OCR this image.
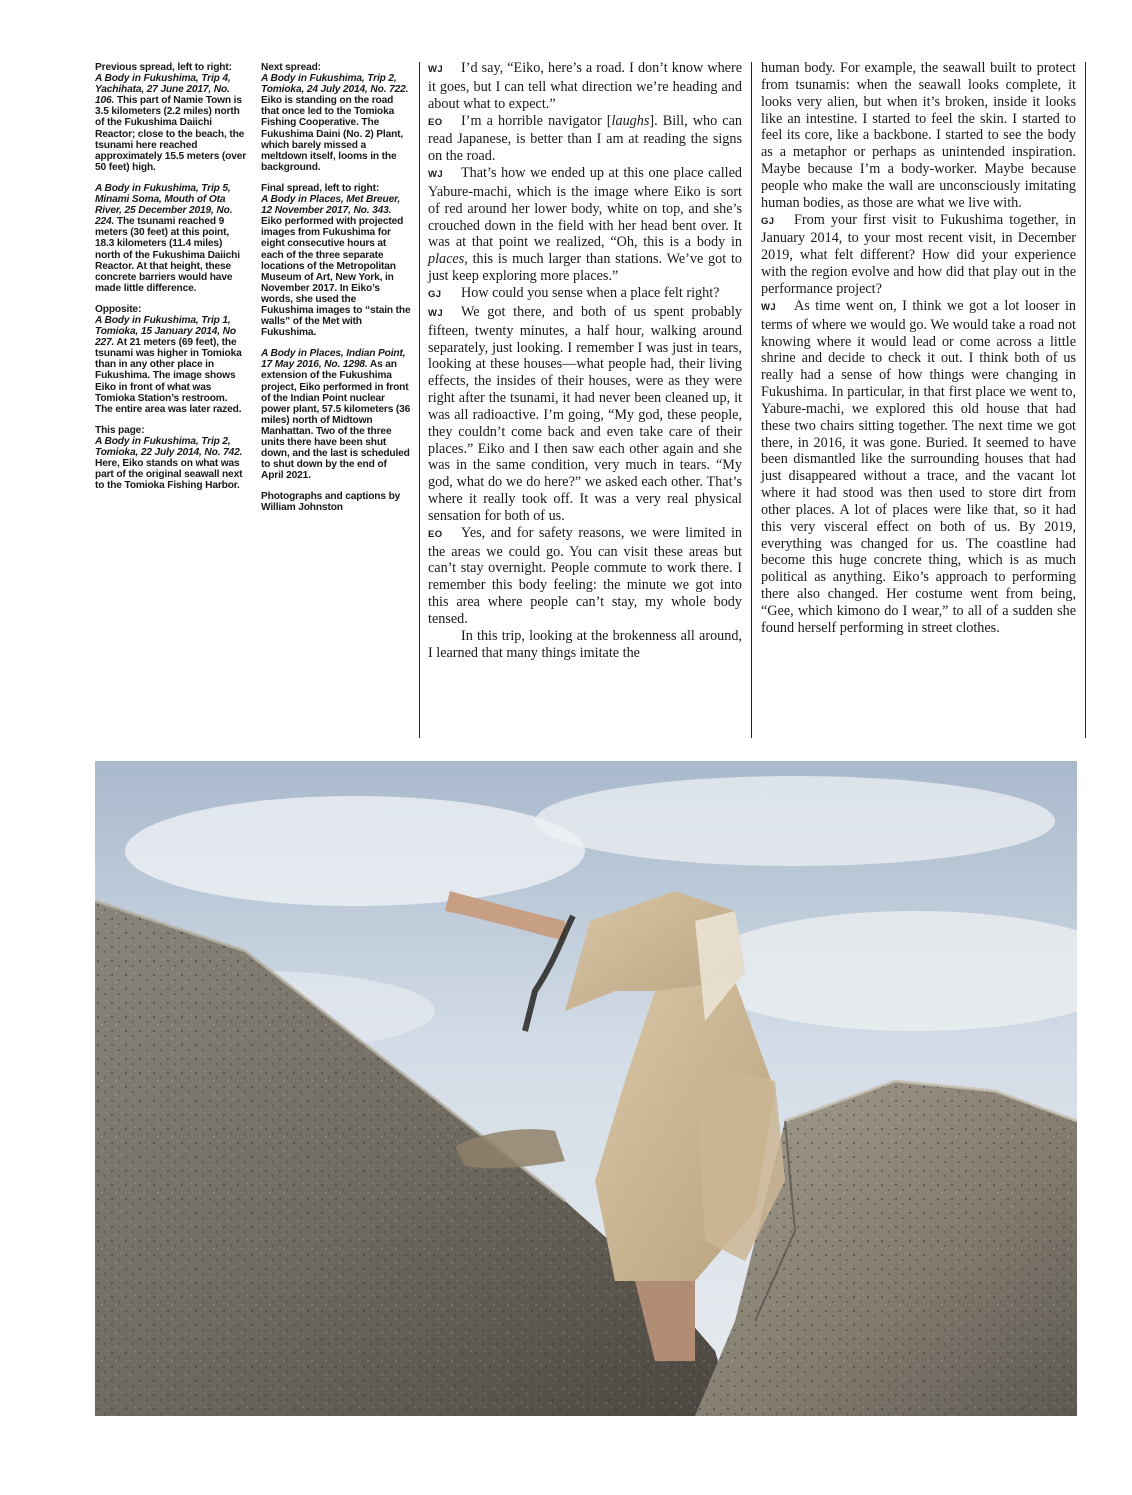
Previous spread, left to right:
A Body in Fukushima, Trip 4, Yachihata, 27 June 2017, No. 106. This part of Namie Town is 3.5 kilometers (2.2 miles) north of the Fukushima Daiichi Reactor; close to the beach, the tsunami here reached approximately 15.5 meters (over 50 feet) high.

A Body in Fukushima, Trip 5, Minami Soma, Mouth of Ota River, 25 December 2019, No. 224. The tsunami reached 9 meters (30 feet) at this point, 18.3 kilometers (11.4 miles) north of the Fukushima Daiichi Reactor. At that height, these concrete barriers would have made little difference.

Opposite:
A Body in Fukushima, Trip 1, Tomioka, 15 January 2014, No 227. At 21 meters (69 feet), the tsunami was higher in Tomioka than in any other place in Fukushima. The image shows Eiko in front of what was Tomioka Station’s restroom. The entire area was later razed.

This page:
A Body in Fukushima, Trip 2, Tomioka, 22 July 2014, No. 742. Here, Eiko stands on what was part of the original seawall next to the Tomioka Fishing Harbor.

Next spread:
A Body in Fukushima, Trip 2, Tomioka, 24 July 2014, No. 722. Eiko is standing on the road that once led to the Tomioka Fishing Cooperative. The Fukushima Daini (No. 2) Plant, which barely missed a meltdown itself, looms in the background.

Final spread, left to right:
A Body in Places, Met Breuer, 12 November 2017, No. 343. Eiko performed with projected images from Fukushima for eight consecutive hours at each of the three separate locations of the Metropolitan Museum of Art, New York, in November 2017. In Eiko’s words, she used the Fukushima images to “stain the walls” of the Met with Fukushima.

A Body in Places, Indian Point, 17 May 2016, No. 1298. As an extension of the Fukushima project, Eiko performed in front of the Indian Point nuclear power plant, 57.5 kilometers (36 miles) north of Midtown Manhattan. Two of the three units there have been shut down, and the last is scheduled to shut down by the end of April 2021.

Photographs and captions by William Johnston

WJ I’d say, “Eiko, here’s a road. I don’t know where it goes, but I can tell what direction we’re heading and about what to expect.”

EO I’m a horrible navigator [laughs]. Bill, who can read Japanese, is better than I am at reading the signs on the road.

WJ That’s how we ended up at this one place called Yabure-machi, which is the image where Eiko is sort of red around her lower body, white on top, and she’s crouched down in the field with her head bent over. It was at that point we realized, “Oh, this is a body in places, this is much larger than stations. We’ve got to just keep exploring more places.”

GJ How could you sense when a place felt right?

WJ We got there, and both of us spent probably fifteen, twenty minutes, a half hour, walking around separately, just looking. I remember I was just in tears, looking at these houses—what people had, their living effects, the insides of their houses, were as they were right after the tsunami, it had never been cleaned up, it was all radioactive. I’m going, “My god, these people, they couldn’t come back and even take care of their places.” Eiko and I then saw each other again and she was in the same condition, very much in tears. “My god, what do we do here?” we asked each other. That’s where it really took off. It was a very real physical sensation for both of us.

EO Yes, and for safety reasons, we were limited in the areas we could go. You can visit these areas but can’t stay overnight. People commute to work there. I remember this body feeling: the minute we got into this area where people can’t stay, my whole body tensed.

In this trip, looking at the brokenness all around, I learned that many things imitate the

human body. For example, the seawall built to protect from tsunamis: when the seawall looks complete, it looks very alien, but when it’s broken, inside it looks like an intestine. I started to feel the skin. I started to feel its core, like a backbone. I started to see the body as a metaphor or perhaps as unintended inspiration. Maybe because I’m a body-worker. Maybe because people who make the wall are unconsciously imitating human bodies, as those are what we live with.

GJ From your first visit to Fukushima together, in January 2014, to your most recent visit, in December 2019, what felt different? How did your experience with the region evolve and how did that play out in the performance project?

WJ As time went on, I think we got a lot looser in terms of where we would go. We would take a road not knowing where it would lead or come across a little shrine and decide to check it out. I think both of us really had a sense of how things were changing in Fukushima. In particular, in that first place we went to, Yabure-machi, we explored this old house that had these two chairs sitting together. The next time we got there, in 2016, it was gone. Buried. It seemed to have been dismantled like the surrounding houses that had just disappeared without a trace, and the vacant lot where it had stood was then used to store dirt from other places. A lot of places were like that, so it had this very visceral effect on both of us. By 2019, everything was changed for us. The coastline had become this huge concrete thing, which is as much political as anything. Eiko’s approach to performing there also changed. Her costume went from being, “Gee, which kimono do I wear,” to all of a sudden she found herself performing in street clothes.
